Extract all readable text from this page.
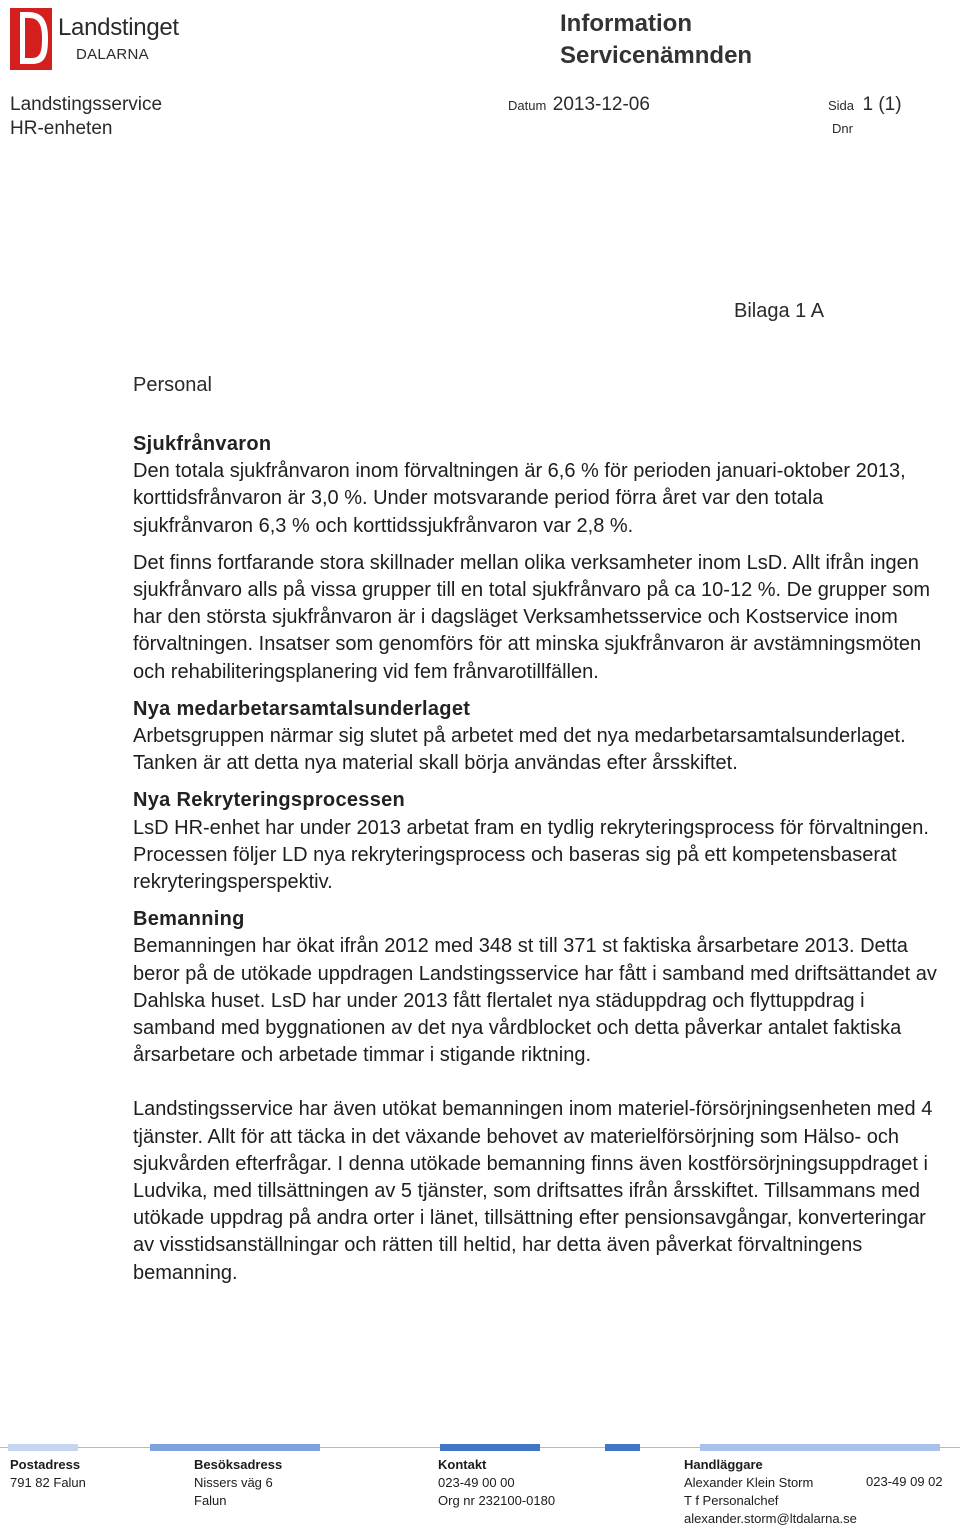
Landstinget
DALARNA
Information
Servicenämnden
Landstingsservice
HR-enheten
Datum 2013-12-06	Sida 1 (1)
Dnr
Bilaga 1 A
Personal
Sjukfrånvaron

Den totala sjukfrånvaron inom förvaltningen är 6,6 % för perioden januari-oktober 2013, korttidsfrånvaron är 3,0 %. Under motsvarande period förra året var den totala sjukfrånvaron 6,3 % och korttidssjukfrånvaron var 2,8 %.

Det finns fortfarande stora skillnader mellan olika verksamheter inom LsD. Allt ifrån ingen sjukfrånvaro alls på vissa grupper till en total sjukfrånvaro på ca 10-12 %. De grupper som har den största sjukfrånvaron är i dagsläget Verksamhetsservice och Kostservice inom förvaltningen. Insatser som genomförs för att minska sjukfrånvaron är avstämningsmöten och rehabiliteringsplanering vid fem frånvarotillfällen.

Nya medarbetarsamtalsunderlaget

Arbetsgruppen närmar sig slutet på arbetet med det nya medarbetarsamtalsunderlaget. Tanken är att detta nya material skall börja användas efter årsskiftet.

Nya Rekryteringsprocessen

LsD HR-enhet har under 2013 arbetat fram en tydlig rekryteringsprocess för förvaltningen. Processen följer LD nya rekryteringsprocess och baseras sig på ett kompetensbaserat rekryteringsperspektiv.

Bemanning

Bemanningen har ökat ifrån 2012 med 348 st till 371 st faktiska årsarbetare 2013. Detta beror på de utökade uppdragen Landstingsservice har fått i samband med driftsättandet av Dahlska huset. LsD har under 2013 fått flertalet nya städuppdrag och flyttuppdrag i samband med byggnationen av det nya vårdblocket och detta påverkar antalet faktiska årsarbetare och arbetade timmar i stigande riktning.

Landstingsservice har även utökat bemanningen inom materiel-försörjningsenheten med 4 tjänster. Allt för att täcka in det växande behovet av materielförsörjning som Hälso- och sjukvården efterfrågar. I denna utökade bemanning finns även kostförsörjningsuppdraget i Ludvika, med tillsättningen av 5 tjänster, som driftsattes ifrån årsskiftet. Tillsammans med utökade uppdrag på andra orter i länet, tillsättning efter pensionsavgångar, konverteringar av visstidsanställningar och rätten till heltid, har detta även påverkat förvaltningens bemanning.

Postadress
791 82 Falun
Besöksadress
Nissers väg 6
Falun
Kontakt
023-49 00 00
Org nr 232100-0180
Handläggare
Alexander Klein Storm
T f Personalchef
alexander.storm@ltdalarna.se
023-49 09 02
